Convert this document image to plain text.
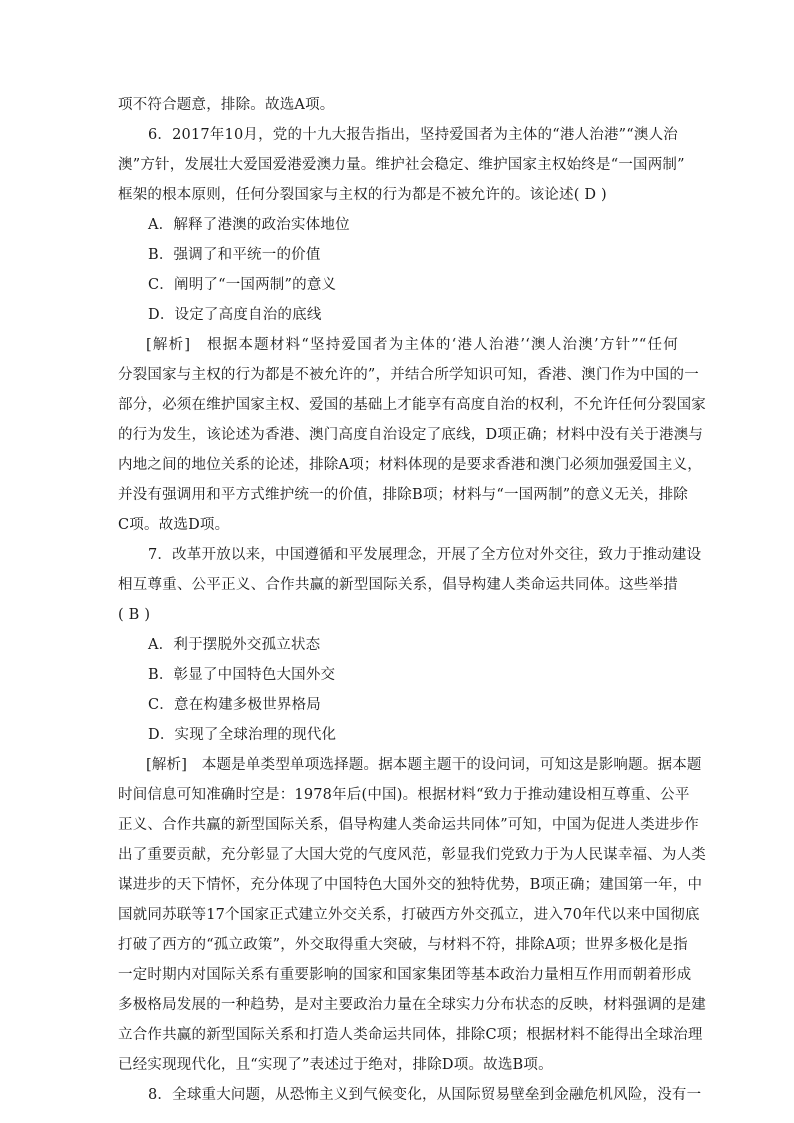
项不符合题意，排除。故选A项。
6．2017年10月，党的十九大报告指出，坚持爱国者为主体的“港人治港”“澳人治
澳”方针，发展壮大爱国爱港爱澳力量。维护社会稳定、维护国家主权始终是“一国两制”
框架的根本原则，任何分裂国家与主权的行为都是不被允许的。该论述( D )
A．解释了港澳的政治实体地位
B．强调了和平统一的价值
C．阐明了“一国两制”的意义
D．设定了高度自治的底线
[解析]　根据本题材料“坚持爱国者为主体的‘港人治港’‘澳人治澳’方针”“任何
分裂国家与主权的行为都是不被允许的”，并结合所学知识可知，香港、澳门作为中国的一
部分，必须在维护国家主权、爱国的基础上才能享有高度自治的权利，不允许任何分裂国家
的行为发生，该论述为香港、澳门高度自治设定了底线，D项正确；材料中没有关于港澳与
内地之间的地位关系的论述，排除A项；材料体现的是要求香港和澳门必须加强爱国主义，
并没有强调用和平方式维护统一的价值，排除B项；材料与“一国两制”的意义无关，排除
C项。故选D项。
7．改革开放以来，中国遵循和平发展理念，开展了全方位对外交往，致力于推动建设
相互尊重、公平正义、合作共赢的新型国际关系，倡导构建人类命运共同体。这些举措
( B )
A．利于摆脱外交孤立状态
B．彰显了中国特色大国外交
C．意在构建多极世界格局
D．实现了全球治理的现代化
[解析]　本题是单类型单项选择题。据本题主题干的设问词，可知这是影响题。据本题
时间信息可知准确时空是：1978年后(中国)。根据材料“致力于推动建设相互尊重、公平
正义、合作共赢的新型国际关系，倡导构建人类命运共同体”可知，中国为促进人类进步作
出了重要贡献，充分彰显了大国大党的气度风范，彰显我们党致力于为人民谋幸福、为人类
谋进步的天下情怀，充分体现了中国特色大国外交的独特优势，B项正确；建国第一年，中
国就同苏联等17个国家正式建立外交关系，打破西方外交孤立，进入70年代以来中国彻底
打破了西方的“孤立政策”，外交取得重大突破，与材料不符，排除A项；世界多极化是指
一定时期内对国际关系有重要影响的国家和国家集团等基本政治力量相互作用而朝着形成
多极格局发展的一种趋势，是对主要政治力量在全球实力分布状态的反映，材料强调的是建
立合作共赢的新型国际关系和打造人类命运共同体，排除C项；根据材料不能得出全球治理
已经实现现代化，且“实现了”表述过于绝对，排除D项。故选B项。
8．全球重大问题，从恐怖主义到气候变化，从国际贸易壁垒到金融危机风险，没有一
